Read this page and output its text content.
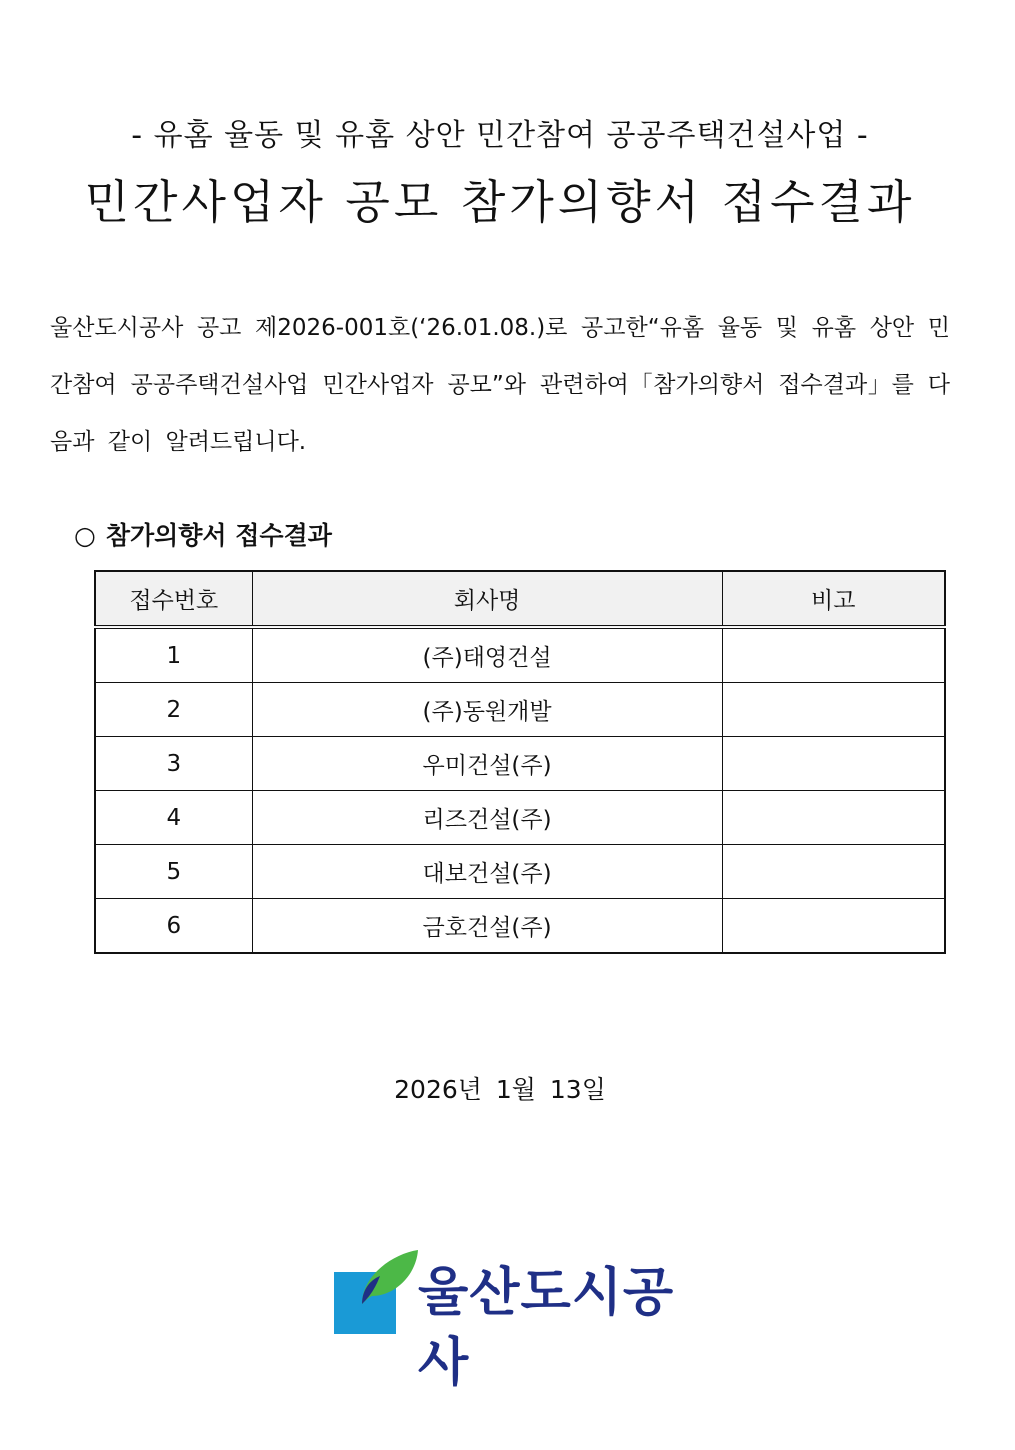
- 유홈 율동 및 유홈 상안 민간참여 공공주택건설사업 -
민간사업자 공모 참가의향서 접수결과
울산도시공사 공고 제2026-001호(‘26.01.08.)로 공고한“유홈 율동 및 유홈 상안 민간참여 공공주택건설사업 민간사업자 공모”와 관련하여「참가의향서 접수결과」를 다음과 같이 알려드립니다.
○ 참가의향서 접수결과
접수번호	회사명	비고
1	(주)태영건설	
2	(주)동원개발	
3	우미건설(주)	
4	리즈건설(주)	
5	대보건설(주)	
6	금호건설(주)	
2026년 1월 13일
울산도시공사
